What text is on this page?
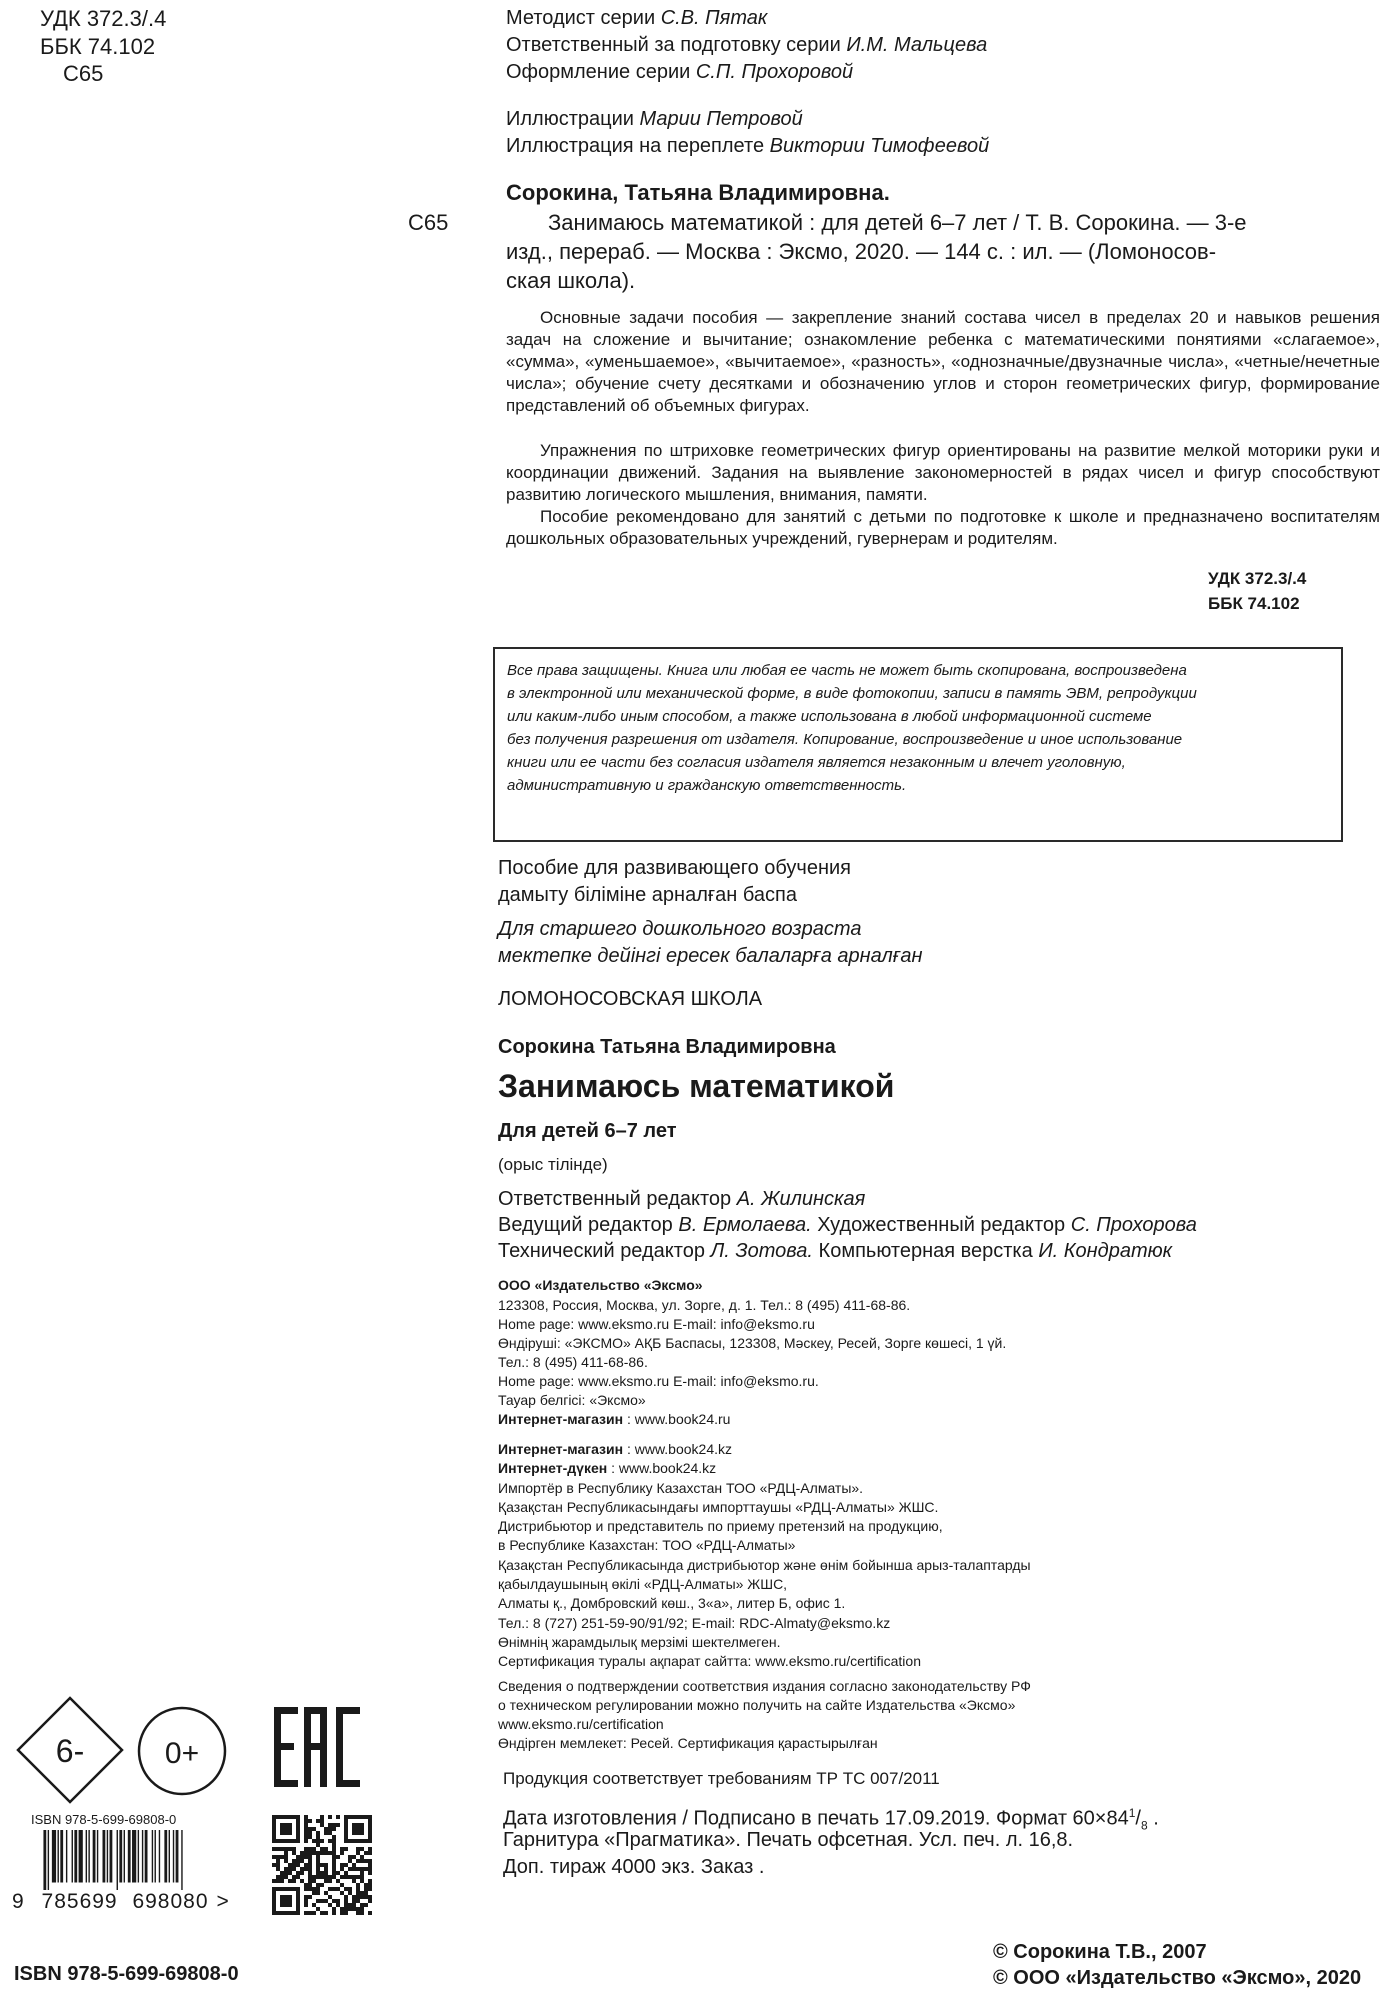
УДК 372.3/.4
ББК 74.102
С65
Методист серии С.В. Пятак
Ответственный за подготовку серии И.М. Мальцева
Оформление серии С.П. Прохоровой
Иллюстрации Марии Петровой
Иллюстрация на переплете Виктории Тимофеевой
С65
Сорокина, Татьяна Владимировна.
Занимаюсь математикой : для детей 6–7 лет / Т. В. Сорокина. — 3-е
изд., перераб. — Москва : Эксмо, 2020. — 144 с. : ил. — (Ломоносов-
ская школа).
Основные задачи пособия — закрепление знаний состава чисел в пределах 20 и навыков решения задач на сложение и вычитание; ознакомление ребенка с математическими понятиями «слагаемое», «сумма», «уменьшаемое», «вычитаемое», «разность», «однозначные/двузначные числа», «четные/нечетные числа»; обучение счету десятками и обозначению углов и сторон геометрических фигур, формирование представлений об объемных фигурах.
Упражнения по штриховке геометрических фигур ориентированы на развитие мелкой моторики руки и координации движений. Задания на выявление закономерностей в рядах чисел и фигур способствуют развитию логического мышления, внимания, памяти.
Пособие рекомендовано для занятий с детьми по подготовке к школе и предназначено воспитателям дошкольных образовательных учреждений, гувернерам и родителям.
УДК 372.3/.4
ББК 74.102
Все права защищены. Книга или любая ее часть не может быть скопирована, воспроизведена
в электронной или механической форме, в виде фотокопии, записи в память ЭВМ, репродукции
или каким-либо иным способом, а также использована в любой информационной системе
без получения разрешения от издателя. Копирование, воспроизведение и иное использование
книги или ее части без согласия издателя является незаконным и влечет уголовную,
административную и гражданскую ответственность.
Пособие для развивающего обучения
дамыту біліміне арналған баспа
Для старшего дошкольного возраста
мектепке дейінгі ересек балаларға арналған
ЛОМОНОСОВСКАЯ ШКОЛА
Сорокина Татьяна Владимировна
Занимаюсь математикой
Для детей 6–7 лет
(орыс тілінде)
Ответственный редактор А. Жилинская
Ведущий редактор В. Ермолаева. Художественный редактор С. Прохорова
Технический редактор Л. Зотова. Компьютерная верстка И. Кондратюк
ООО «Издательство «Эксмо»
123308, Россия, Москва, ул. Зорге, д. 1. Тел.: 8 (495) 411-68-86.
Home page: www.eksmo.ru E-mail: info@eksmo.ru
Өндіруші: «ЭКСМО» АҚБ Баспасы, 123308, Мәскеу, Ресей, Зорге көшесі, 1 үй.
Тел.: 8 (495) 411-68-86.
Home page: www.eksmo.ru E-mail: info@eksmo.ru.
Тауар белгісі: «Эксмо»
Интернет-магазин : www.book24.ru
Интернет-магазин : www.book24.kz
Интернет-дүкен : www.book24.kz
Импортёр в Республику Казахстан ТОО «РДЦ-Алматы».
Қазақстан Республикасындағы импорттаушы «РДЦ-Алматы» ЖШС.
Дистрибьютор и представитель по приему претензий на продукцию,
в Республике Казахстан: ТОО «РДЦ-Алматы»
Қазақстан Республикасында дистрибьютор және өнім бойынша арыз-талаптарды
қабылдаушының өкілі «РДЦ-Алматы» ЖШС,
Алматы қ., Домбровский көш., 3«а», литер Б, офис 1.
Тел.: 8 (727) 251-59-90/91/92; E-mail: RDC-Almaty@eksmo.kz
Өнімнің жарамдылық мерзімі шектелмеген.
Сертификация туралы ақпарат сайтта: www.eksmo.ru/certification
Сведения о подтверждении соответствия издания согласно законодательству РФ
о техническом регулировании можно получить на сайте Издательства «Эксмо»
www.eksmo.ru/certification
Өндірген мемлекет: Ресей. Сертификация қарастырылған
Продукция соответствует требованиям ТР ТС 007/2011
Дата изготовления / Подписано в печать 17.09.2019. Формат $60\times 84^1/_8$ .
Гарнитура «Прагматика». Печать офсетная. Усл. печ. л. 16,8.
Доп. тираж 4000 экз. Заказ .
6-	0+
EAC
ISBN 978-5-699-69808-0
9 785699 698080 >
ISBN 978-5-699-69808-0
© Сорокина Т.В., 2007
© ООО «Издательство «Эксмо», 2020
